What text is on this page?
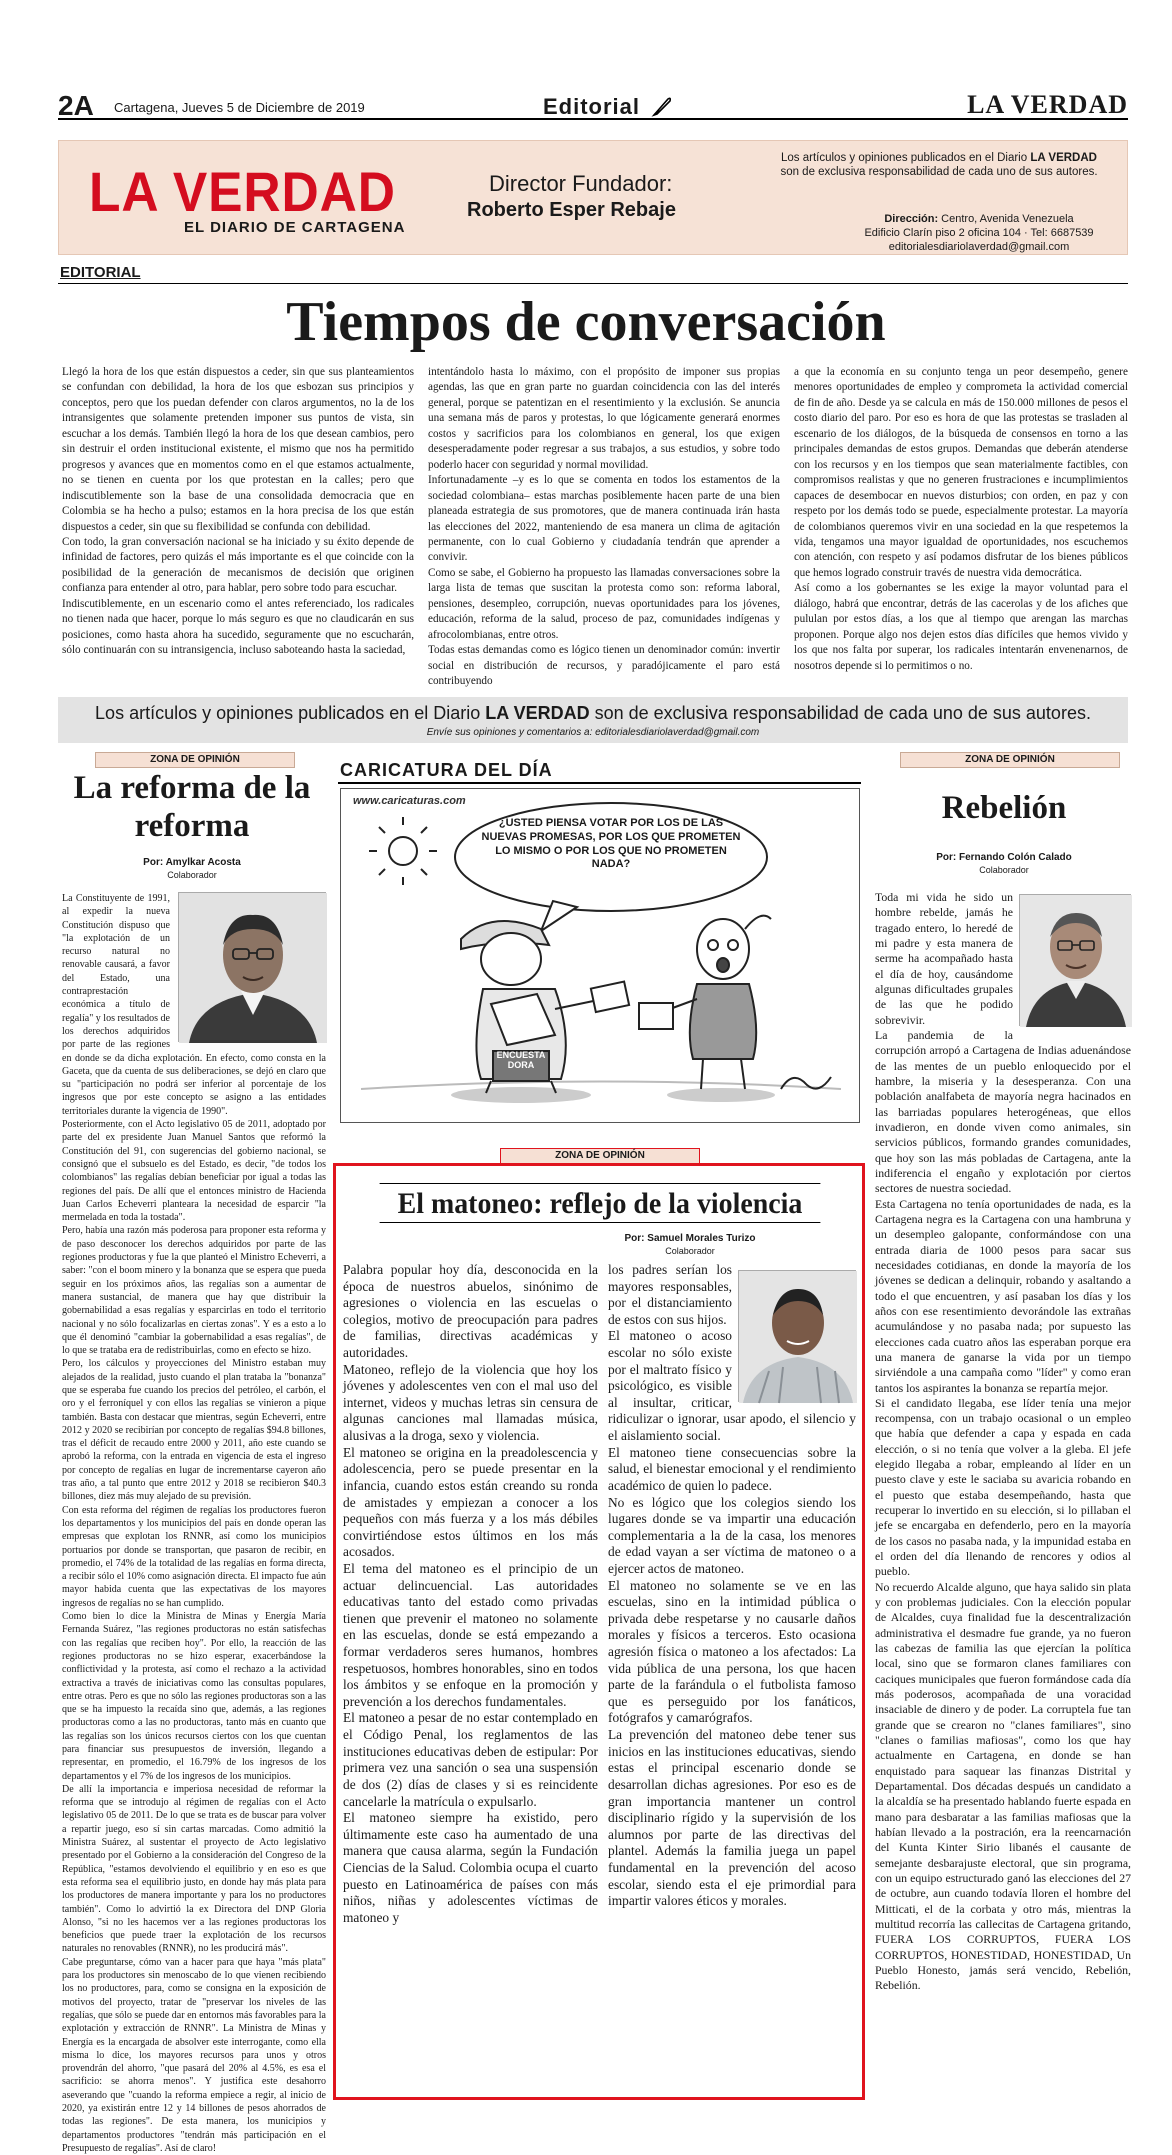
2A Cartagena, Jueves 5 de Diciembre de 2019	Editorial	LA VERDAD
LA VERDAD
EL DIARIO DE CARTAGENA
Director Fundador:
Roberto Esper Rebaje
Los artículos y opiniones publicados en el Diario LA VERDAD son de exclusiva responsabilidad de cada uno de sus autores.
Dirección: Centro, Avenida Venezuela
Edificio Clarín piso 2 oficina 104 · Tel: 6687539
editorialesdiariolaverdad@gmail.com
EDITORIAL
Tiempos de conversación

Llegó la hora de los que están dispuestos a ceder, sin que sus planteamientos se confundan con debilidad, la hora de los que esbozan sus principios y conceptos, pero que los puedan defender con claros argumentos, no la de los intransigentes que solamente pretenden imponer sus puntos de vista, sin escuchar a los demás. También llegó la hora de los que desean cambios, pero sin destruir el orden institucional existente, el mismo que nos ha permitido progresos y avances que en momentos como en el que estamos actualmente, no se tienen en cuenta por los que protestan en la calles; pero que indiscutiblemente son la base de una consolidada democracia que en Colombia se ha hecho a pulso; estamos en la hora precisa de los que están dispuestos a ceder, sin que su flexibilidad se confunda con debilidad.

Con todo, la gran conversación nacional se ha iniciado y su éxito depende de infinidad de factores, pero quizás el más importante es el que coincide con la posibilidad de la generación de mecanismos de decisión que originen confianza para entender al otro, para hablar, pero sobre todo para escuchar.

Indiscutiblemente, en un escenario como el antes referenciado, los radicales no tienen nada que hacer, porque lo más seguro es que no claudicarán en sus posiciones, como hasta ahora ha sucedido, seguramente que no escucharán, sólo continuarán con su intransigencia, incluso saboteando hasta la saciedad,

intentándolo hasta lo máximo, con el propósito de imponer sus propias agendas, las que en gran parte no guardan coincidencia con las del interés general, porque se patentizan en el resentimiento y la exclusión. Se anuncia una semana más de paros y protestas, lo que lógicamente generará enormes costos y sacrificios para los colombianos en general, los que exigen desesperadamente poder regresar a sus trabajos, a sus estudios, y sobre todo poderlo hacer con seguridad y normal movilidad.

Infortunadamente –y es lo que se comenta en todos los estamentos de la sociedad colombiana– estas marchas posiblemente hacen parte de una bien planeada estrategia de sus promotores, que de manera continuada irán hasta las elecciones del 2022, manteniendo de esa manera un clima de agitación permanente, con lo cual Gobierno y ciudadanía tendrán que aprender a convivir.

Como se sabe, el Gobierno ha propuesto las llamadas conversaciones sobre la larga lista de temas que suscitan la protesta como son: reforma laboral, pensiones, desempleo, corrupción, nuevas oportunidades para los jóvenes, educación, reforma de la salud, proceso de paz, comunidades indígenas y afrocolombianas, entre otros.

Todas estas demandas como es lógico tienen un denominador común: invertir social en distribución de recursos, y paradójicamente el paro está contribuyendo

a que la economía en su conjunto tenga un peor desempeño, genere menores oportunidades de empleo y comprometa la actividad comercial de fin de año. Desde ya se calcula en más de 150.000 millones de pesos el costo diario del paro. Por eso es hora de que las protestas se trasladen al escenario de los diálogos, de la búsqueda de consensos en torno a las principales demandas de estos grupos. Demandas que deberán atenderse con los recursos y en los tiempos que sean materialmente factibles, con compromisos realistas y que no generen frustraciones e incumplimientos capaces de desembocar en nuevos disturbios; con orden, en paz y con respeto por los demás todo se puede, especialmente protestar. La mayoría de colombianos queremos vivir en una sociedad en la que respetemos la vida, tengamos una mayor igualdad de oportunidades, nos escuchemos con atención, con respeto y así podamos disfrutar de los bienes públicos que hemos logrado construir través de nuestra vida democrática.

Así como a los gobernantes se les exige la mayor voluntad para el diálogo, habrá que encontrar, detrás de las cacerolas y de los afiches que pululan por estos días, a los que al tiempo que arengan las marchas proponen. Porque algo nos dejen estos días difíciles que hemos vivido y los que nos falta por superar, los radicales intentarán envenenarnos, de nosotros depende si lo permitimos o no.

Los artículos y opiniones publicados en el Diario LA VERDAD son de exclusiva responsabilidad de cada uno de sus autores.
Envíe sus opiniones y comentarios a: editorialesdiariolaverdad@gmail.com
ZONA DE OPINIÓN
La reforma de la reforma
Por: Amylkar Acosta
Colaborador

La Constituyente de 1991, al expedir la nueva Constitución dispuso que "la explotación de un recurso natural no renovable causará, a favor del Estado, una contraprestación económica a título de regalía" y los resultados de los derechos adquiridos por parte de las regiones en donde se da dicha explotación. En efecto, como consta en la Gaceta, que da cuenta de sus deliberaciones, se dejó en claro que su "participación no podrá ser inferior al porcentaje de los ingresos que por este concepto se asigno a las entidades territoriales durante la vigencia de 1990".

Posteriormente, con el Acto legislativo 05 de 2011, adoptado por parte del ex presidente Juan Manuel Santos que reformó la Constitución del 91, con sugerencias del gobierno nacional, se consignó que el subsuelo es del Estado, es decir, "de todos los colombianos" las regalías debían beneficiar por igual a todas las regiones del país. De allí que el entonces ministro de Hacienda Juan Carlos Echeverri planteara la necesidad de esparcir "la mermelada en toda la tostada".

Pero, había una razón más poderosa para proponer esta reforma y de paso desconocer los derechos adquiridos por parte de las regiones productoras y fue la que planteó el Ministro Echeverri, a saber: "con el boom minero y la bonanza que se espera que pueda seguir en los próximos años, las regalías son a aumentar de manera sustancial, de manera que hay que distribuir la gobernabilidad a esas regalías y esparcirlas en todo el territorio nacional y no sólo focalizarlas en ciertas zonas". Y es a esto a lo que él denominó "cambiar la gobernabilidad a esas regalías", de lo que se trataba era de redistribuirlas, como en efecto se hizo.

Pero, los cálculos y proyecciones del Ministro estaban muy alejados de la realidad, justo cuando el plan trataba la "bonanza" que se esperaba fue cuando los precios del petróleo, el carbón, el oro y el ferroníquel y con ellos las regalías se vinieron a pique también. Basta con destacar que mientras, según Echeverri, entre 2012 y 2020 se recibirían por concepto de regalías $94.8 billones, tras el déficit de recaudo entre 2000 y 2011, año este cuando se aprobó la reforma, con la entrada en vigencia de esta el ingreso por concepto de regalías en lugar de incrementarse cayeron año tras año, a tal punto que entre 2012 y 2018 se recibieron $40.3 billones, diez más muy alejado de su previsión.

Con esta reforma del régimen de regalías los productores fueron los departamentos y los municipios del país en donde operan las empresas que explotan los RNNR, así como los municipios portuarios por donde se transportan, que pasaron de recibir, en promedio, el 74% de la totalidad de las regalías en forma directa, a recibir sólo el 10% como asignación directa. El impacto fue aún mayor habida cuenta que las expectativas de los mayores ingresos de regalías no se han cumplido.

Como bien lo dice la Ministra de Minas y Energía María Fernanda Suárez, "las regiones productoras no están satisfechas con las regalías que reciben hoy". Por ello, la reacción de las regiones productoras no se hizo esperar, exacerbándose la conflictividad y la protesta, así como el rechazo a la actividad extractiva a través de iniciativas como las consultas populares, entre otras. Pero es que no sólo las regiones productoras son a las que se ha impuesto la recaída sino que, además, a las regiones productoras como a las no productoras, tanto más en cuanto que las regalías son los únicos recursos ciertos con los que cuentan para financiar sus presupuestos de inversión, llegando a representar, en promedio, el 16.79% de los ingresos de los departamentos y el 7% de los ingresos de los municipios.

De allí la importancia e imperiosa necesidad de reformar la reforma que se introdujo al régimen de regalías con el Acto legislativo 05 de 2011. De lo que se trata es de buscar para volver a repartir juego, eso sí sin cartas marcadas. Como admitió la Ministra Suárez, al sustentar el proyecto de Acto legislativo presentado por el Gobierno a la consideración del Congreso de la República, "estamos devolviendo el equilibrio y en eso es que esta reforma sea el equilibrio justo, en donde hay más plata para los productores de manera importante y para los no productores también". Como lo advirtió la ex Directora del DNP Gloria Alonso, "si no les hacemos ver a las regiones productoras los beneficios que puede traer la explotación de los recursos naturales no renovables (RNNR), no les producirá más".

Cabe preguntarse, cómo van a hacer para que haya "más plata" para los productores sin menoscabo de lo que vienen recibiendo los no productores, para, como se consigna en la exposición de motivos del proyecto, tratar de "preservar los niveles de las regalías, que sólo se puede dar en entornos más favorables para la explotación y extracción de RNNR". La Ministra de Minas y Energía es la encargada de absolver este interrogante, como ella misma lo dice, los mayores recursos para unos y otros provendrán del ahorro, "que pasará del 20% al 4.5%, es esa el sacrificio: se ahorra menos". Y justifica este desahorro aseverando que "cuando la reforma empiece a regir, al inicio de 2020, ya existirán entre 12 y 14 billones de pesos ahorrados de todas las regiones". De esta manera, los municipios y departamentos productores "tendrán más participación en el Presupuesto de regalías". Así de claro!

CARICATURA DEL DÍA
www.caricaturas.com
¿USTED PIENSA VOTAR POR LOS DE LAS NUEVAS PROMESAS, POR LOS QUE PROMETEN LO MISMO O POR LOS QUE NO PROMETEN NADA?
ENCUESTA
DORA
ZONA DE OPINIÓN
El matoneo: reflejo de la violencia
Por: Samuel Morales Turizo
Colaborador

Palabra popular hoy día, desconocida en la época de nuestros abuelos, sinónimo de agresiones o violencia en las escuelas o colegios, motivo de preocupación para padres de familias, directivas académicas y autoridades.

Matoneo, reflejo de la violencia que hoy los jóvenes y adolescentes ven con el mal uso del internet, videos y muchas letras sin censura de algunas canciones mal llamadas música, alusivas a la droga, sexo y violencia.

El matoneo se origina en la preadolescencia y adolescencia, pero se puede presentar en la infancia, cuando estos están creando su ronda de amistades y empiezan a conocer a los pequeños con más fuerza y a los más débiles convirtiéndose estos últimos en los más acosados.

El tema del matoneo es el principio de un actuar delincuencial. Las autoridades educativas tanto del estado como privadas tienen que prevenir el matoneo no solamente en las escuelas, donde se está empezando a formar verdaderos seres humanos, hombres respetuosos, hombres honorables, sino en todos los ámbitos y se enfoque en la promoción y prevención a los derechos fundamentales.

El matoneo a pesar de no estar contemplado en el Código Penal, los reglamentos de las instituciones educativas deben de estipular: Por primera vez una sanción o sea una suspensión de dos (2) días de clases y si es reincidente cancelarle la matrícula o expulsarlo.

El matoneo siempre ha existido, pero últimamente este caso ha aumentado de una manera que causa alarma, según la Fundación Ciencias de la Salud. Colombia ocupa el cuarto puesto en Latinoamérica de países con más niños, niñas y adolescentes víctimas de matoneo y

los padres serían los mayores responsables, por el distanciamiento de estos con sus hijos.

El matoneo o acoso escolar no sólo existe por el maltrato físico y psicológico, es visible al insultar, criticar, ridiculizar o ignorar, usar apodo, el silencio y el aislamiento social.

El matoneo tiene consecuencias sobre la salud, el bienestar emocional y el rendimiento académico de quien lo padece.

No es lógico que los colegios siendo los lugares donde se va impartir una educación complementaria a la de la casa, los menores de edad vayan a ser víctima de matoneo o a ejercer actos de matoneo.

El matoneo no solamente se ve en las escuelas, sino en la intimidad pública o privada debe respetarse y no causarle daños morales y físicos a terceros. Esto ocasiona agresión física o matoneo a los afectados: La vida pública de una persona, los que hacen parte de la farándula o el futbolista famoso que es perseguido por los fanáticos, fotógrafos y camarógrafos.

La prevención del matoneo debe tener sus inicios en las instituciones educativas, siendo estas el principal escenario donde se desarrollan dichas agresiones. Por eso es de gran importancia mantener un control disciplinario rígido y la supervisión de los alumnos por parte de las directivas del plantel. Además la familia juega un papel fundamental en la prevención del acoso escolar, siendo esta el eje primordial para impartir valores éticos y morales.

ZONA DE OPINIÓN
Rebelión
Por: Fernando Colón Calado
Colaborador

Toda mi vida he sido un hombre rebelde, jamás he tragado entero, lo heredé de mi padre y esta manera de serme ha acompañado hasta el día de hoy, causándome algunas dificultades grupales de las que he podido sobrevivir.

La pandemia de la corrupción arropó a Cartagena de Indias aduenándose de las mentes de un pueblo enloquecido por el hambre, la miseria y la desesperanza. Con una población analfabeta de mayoría negra hacinados en las barriadas populares heterogéneas, que ellos invadieron, en donde viven como animales, sin servicios públicos, formando grandes comunidades, que hoy son las más pobladas de Cartagena, ante la indiferencia el engaño y explotación por ciertos sectores de nuestra sociedad.

Esta Cartagena no tenía oportunidades de nada, es la Cartagena negra es la Cartagena con una hambruna y un desempleo galopante, conformándose con una entrada diaria de 1000 pesos para sacar sus necesidades cotidianas, en donde la mayoría de los jóvenes se dedican a delinquir, robando y asaltando a todo el que encuentren, y así pasaban los días y los años con ese resentimiento devorándole las extrañas acumulándose y no pasaba nada; por supuesto las elecciones cada cuatro años las esperaban porque era una manera de ganarse la vida por un tiempo sirviéndole a una campaña como "líder" y como eran tantos los aspirantes la bonanza se repartía mejor.

Si el candidato llegaba, ese líder tenía una mejor recompensa, con un trabajo ocasional o un empleo que había que defender a capa y espada en cada elección, o si no tenía que volver a la gleba. El jefe elegido llegaba a robar, empleando al líder en un puesto clave y este le saciaba su avaricia robando en el puesto que estaba desempeñando, hasta que recuperar lo invertido en su elección, si lo pillaban el jefe se encargaba en defenderlo, pero en la mayoría de los casos no pasaba nada, y la impunidad estaba en el orden del día llenando de rencores y odios al pueblo.

No recuerdo Alcalde alguno, que haya salido sin plata y con problemas judiciales. Con la elección popular de Alcaldes, cuya finalidad fue la descentralización administrativa el desmadre fue grande, ya no fueron las cabezas de familia las que ejercían la política local, sino que se formaron clanes familiares con caciques municipales que fueron formándose cada día más poderosos, acompañada de una voracidad insaciable de dinero y de poder. La corruptela fue tan grande que se crearon no "clanes familiares", sino "clanes o familias mafiosas", como los que hay actualmente en Cartagena, en donde se han enquistado para saquear las finanzas Distrital y Departamental. Dos décadas después un candidato a la alcaldía se ha presentado hablando fuerte espada en mano para desbaratar a las familias mafiosas que la habían llevado a la postración, era la reencarnación del Kunta Kinter Sirio libanés el causante de semejante desbarajuste electoral, que sin programa, con un equipo estructurado ganó las elecciones del 27 de octubre, aun cuando todavía lloren el hombre del Mitticati, el de la corbata y otro más, mientras la multitud recorría las callecitas de Cartagena gritando, FUERA LOS CORRUPTOS, FUERA LOS CORRUPTOS, HONESTIDAD, HONESTIDAD, Un Pueblo Honesto, jamás será vencido, Rebelión, Rebelión.
